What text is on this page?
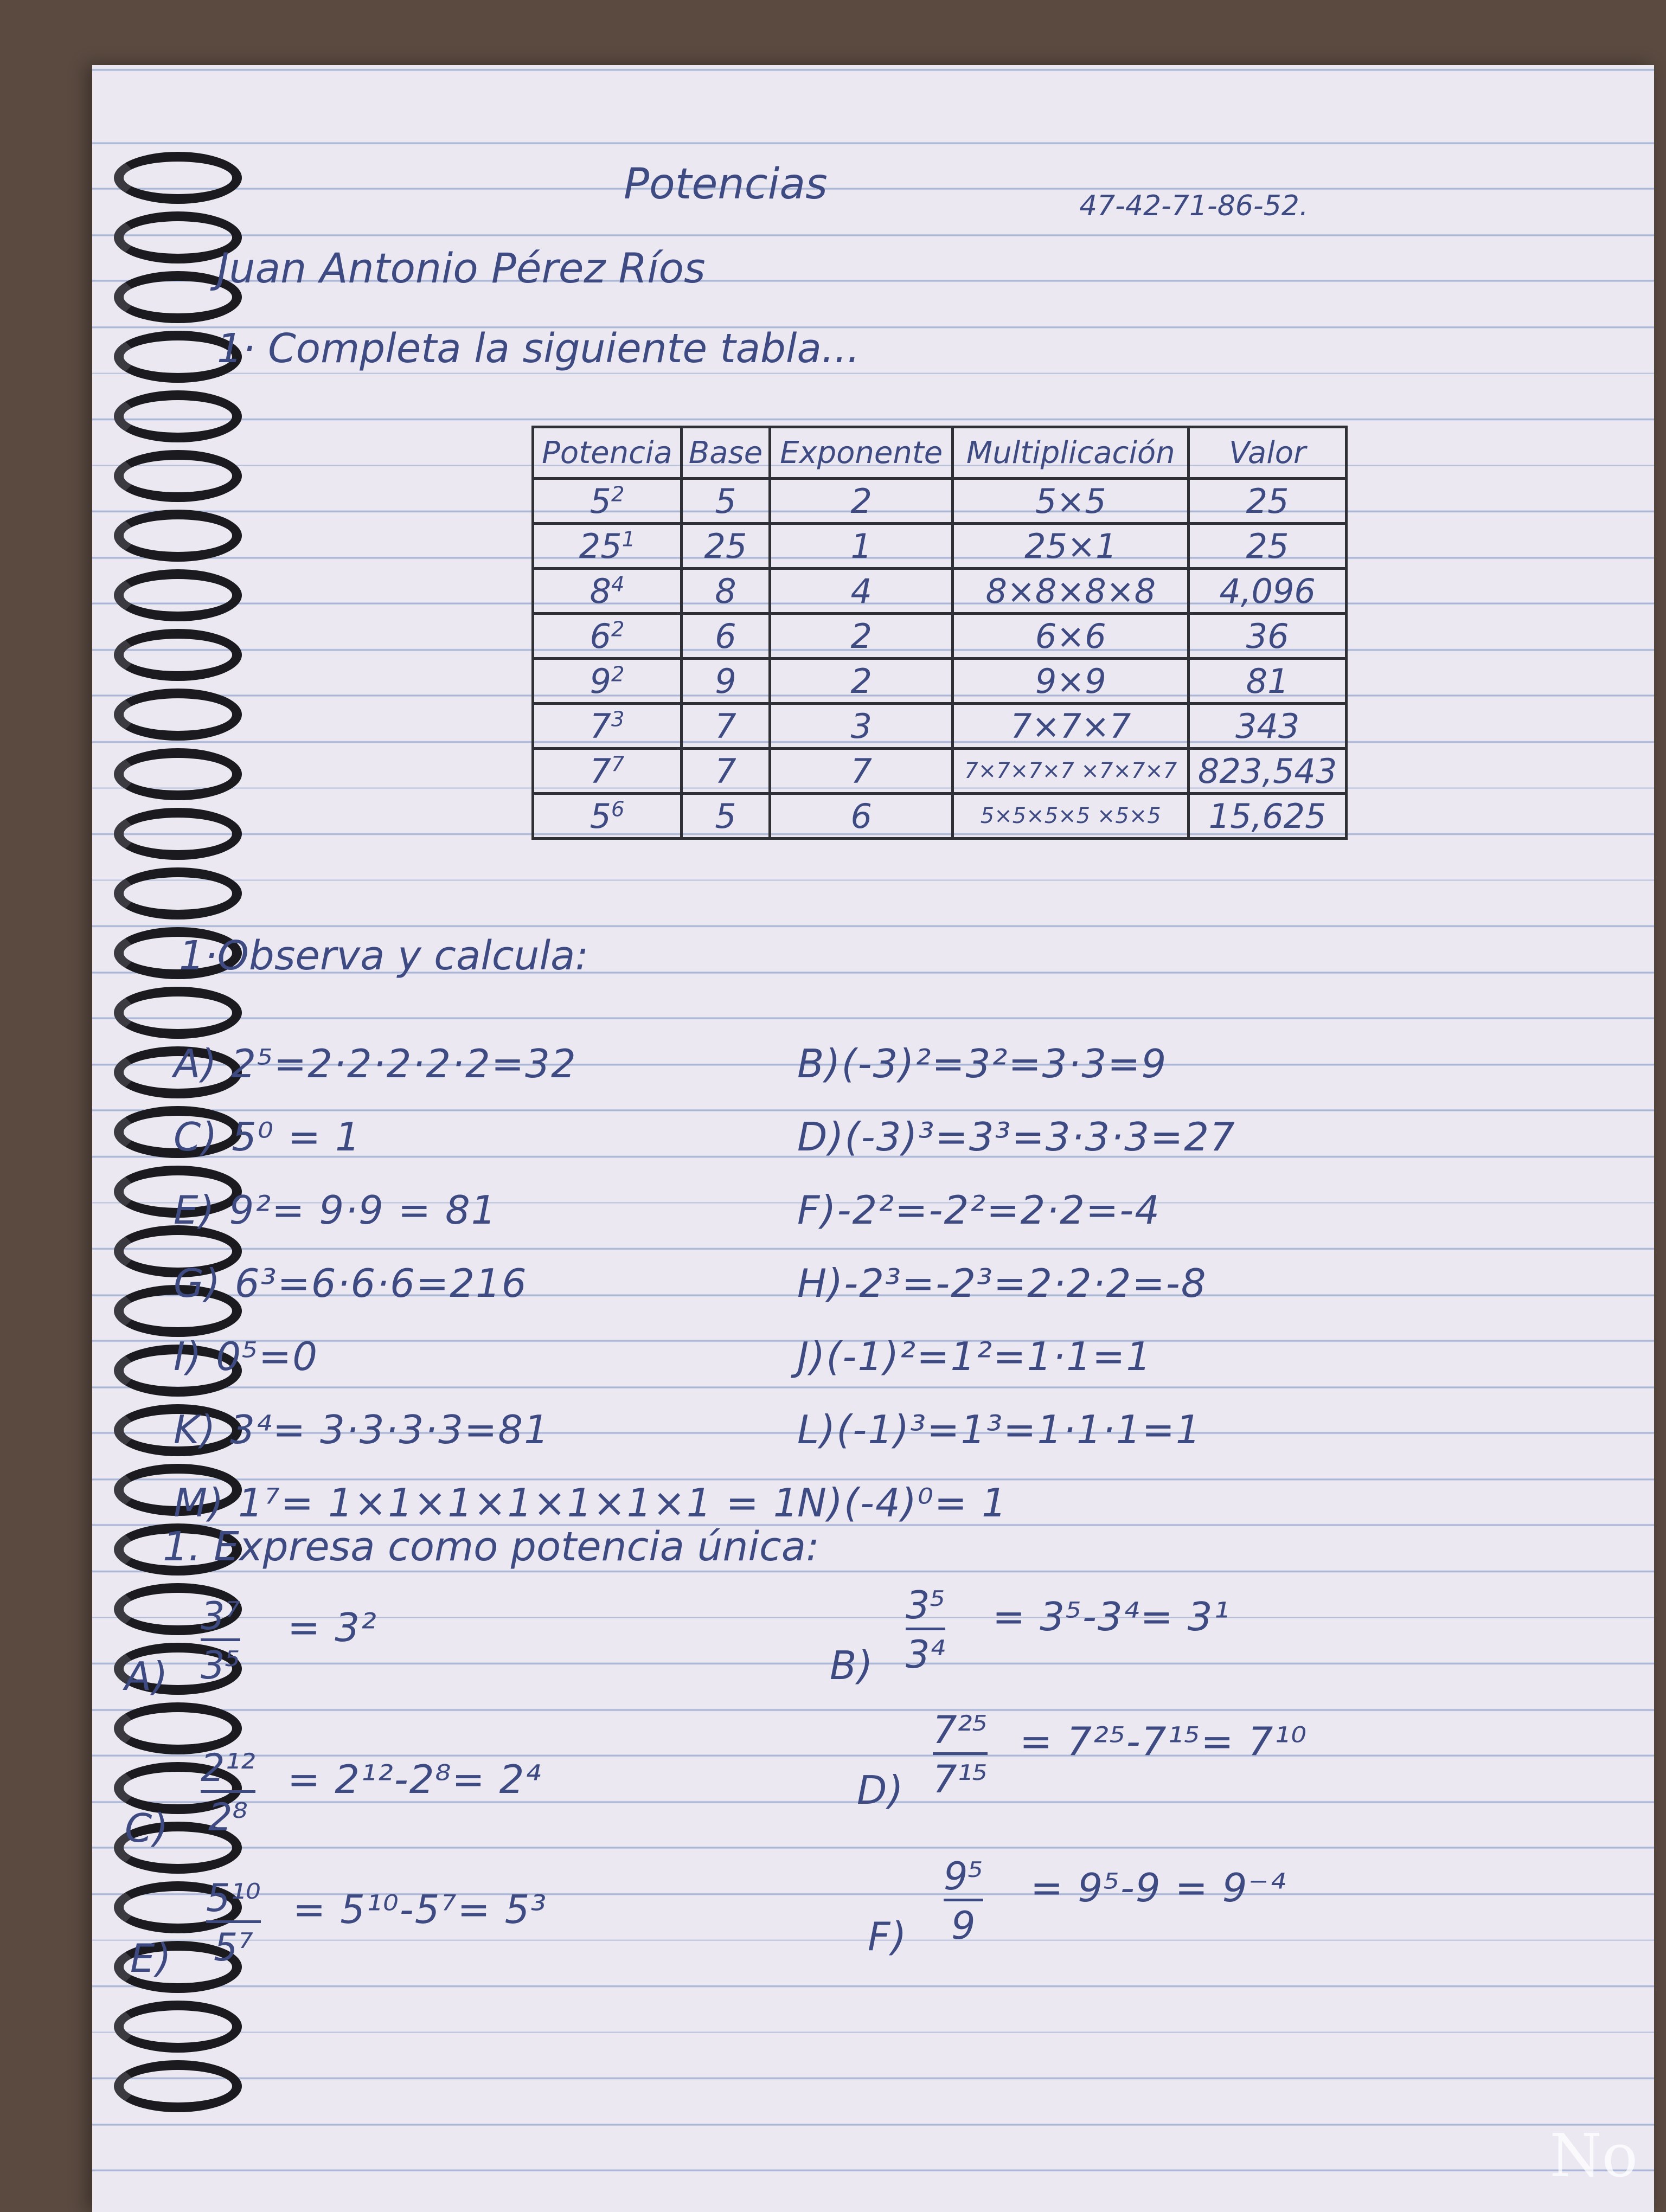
Potencias	47-42-71-86-52.
Juan Antonio Pérez Ríos
1· Completa la siguiente tabla...
Potencia	Base	Exponente	Multiplicación	Valor
$5^2$	5	2	5×5	25
$25^1$	25	1	25×1	25
$8^4$	8	4	8×8×8×8	4,096
$6^2$	6	2	6×6	36
$9^2$	9	2	9×9	81
$7^3$	7	3	7×7×7	343
$7^7$	7	7	7×7×7×7 ×7×7×7	823,543
$5^6$	5	6	5×5×5×5 ×5×5	15,625
1·Observa y calcula:
A) 2⁵=2·2·2·2·2=32
C) 5⁰ = 1
E) 9²= 9·9 = 81
G) 6³=6·6·6=216
I) 0⁵=0
K) 3⁴= 3·3·3·3=81
M) 1⁷= 1×1×1×1×1×1×1 = 1
B)(-3)²=3²=3·3=9
D)(-3)³=3³=3·3·3=27
F)-2²=-2²=2·2=-4
H)-2³=-2³=2·2·2=-8
J)(-1)²=1²=1·1=1
L)(-1)³=1³=1·1·1=1
N)(-4)⁰= 1
1. Expresa como potencia única:
$A) \frac{\text{3⁷}}{\text{3⁵}} = 3^2$
$B) \frac{\text{3⁵}}{\text{3⁴}} = 3^5-3^4= 3^1$
$C) \frac{\text{2¹²}}{\text{2⁸}} = 2^{12}-2^8= 2^4$	$D) \frac{\text{7²⁵}}{\text{7¹⁵}} = 7^{25}-7^{15}= 7^{10}$
$E) \frac{\text{5¹⁰}}{\text{5⁷}} = 5^{10}-5^7= 5^3$
$F) \frac{\text{9⁵}}{9} = 9^5-9 = 9^{-4}$
No
